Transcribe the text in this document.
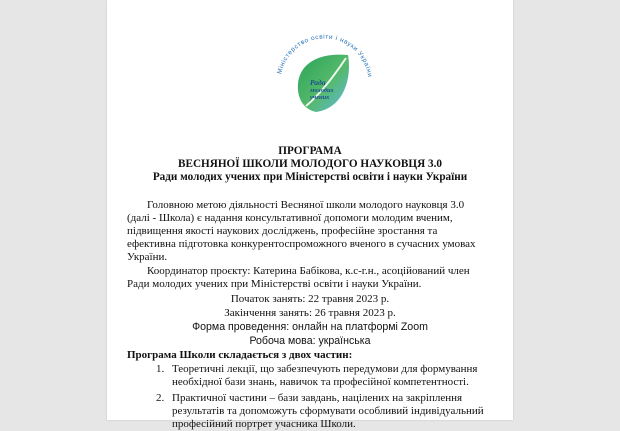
Міністерство освіти і науки України
Рада
молодих
учених
ПРОГРАМА
ВЕСНЯНОЇ ШКОЛИ МОЛОДОГО НАУКОВЦЯ 3.0
Ради молодих учених при Міністерстві освіти і науки України
Головною метою діяльності Весняної школи молодого науковця 3.0
(далі - Школа) є надання консультативної допомоги молодим вченим,
підвищення якості наукових досліджень, професійне зростання та
ефективна підготовка конкурентоспроможного вченого в сучасних умовах
України.
Координатор проєкту: Катерина Бабікова, к.с-г.н., асоційований член
Ради молодих учених при Міністерстві освіти і науки України.
Початок занять: 22 травня 2023 р.
Закінчення занять: 26 травня 2023 р.
Форма проведення: онлайн на платформі Zoom
Робоча мова: українська
Програма Школи складається з двох частин:
1. Теоретичні лекції, що забезпечують передумови для формування
необхідної бази знань, навичок та професійної компетентності.
2. Практичної частини – бази завдань, націлених на закріплення
результатів та допоможуть сформувати особливий індивідуальний
професійний портрет учасника Школи.
